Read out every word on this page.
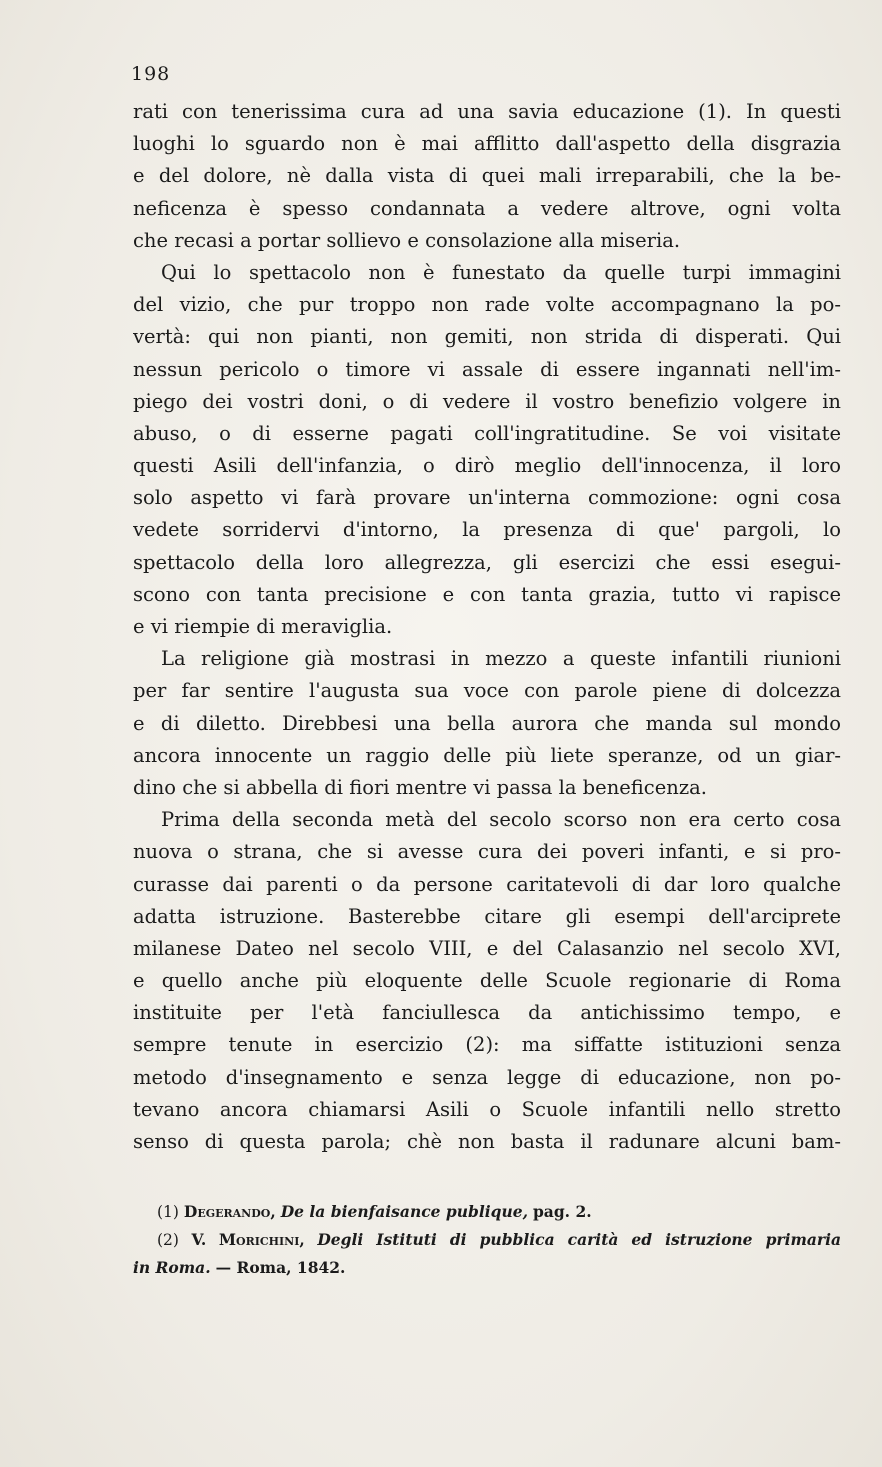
198
rati con tenerissima cura ad una savia educazione (1). In questi
luoghi lo sguardo non è mai afflitto dall'aspetto della disgrazia
e del dolore, nè dalla vista di quei mali irreparabili, che la be-
neficenza è spesso condannata a vedere altrove, ogni volta
che recasi a portar sollievo e consolazione alla miseria.
Qui lo spettacolo non è funestato da quelle turpi immagini
del vizio, che pur troppo non rade volte accompagnano la po-
vertà: qui non pianti, non gemiti, non strida di disperati. Qui
nessun pericolo o timore vi assale di essere ingannati nell'im-
piego dei vostri doni, o di vedere il vostro benefizio volgere in
abuso, o di esserne pagati coll'ingratitudine. Se voi visitate
questi Asili dell'infanzia, o dirò meglio dell'innocenza, il loro
solo aspetto vi farà provare un'interna commozione: ogni cosa
vedete sorridervi d'intorno, la presenza di que' pargoli, lo
spettacolo della loro allegrezza, gli esercizi che essi esegui-
scono con tanta precisione e con tanta grazia, tutto vi rapisce
e vi riempie di meraviglia.
La religione già mostrasi in mezzo a queste infantili riunioni
per far sentire l'augusta sua voce con parole piene di dolcezza
e di diletto. Direbbesi una bella aurora che manda sul mondo
ancora innocente un raggio delle più liete speranze, od un giar-
dino che si abbella di fiori mentre vi passa la beneficenza.
Prima della seconda metà del secolo scorso non era certo cosa
nuova o strana, che si avesse cura dei poveri infanti, e si pro-
curasse dai parenti o da persone caritatevoli di dar loro qualche
adatta istruzione. Basterebbe citare gli esempi dell'arciprete
milanese Dateo nel secolo VIII, e del Calasanzio nel secolo XVI,
e quello anche più eloquente delle Scuole regionarie di Roma
instituite per l'età fanciullesca da antichissimo tempo, e
sempre tenute in esercizio (2): ma siffatte istituzioni senza
metodo d'insegnamento e senza legge di educazione, non po-
tevano ancora chiamarsi Asili o Scuole infantili nello stretto
senso di questa parola; chè non basta il radunare alcuni bam-
(1) Degerando, De la bienfaisance publique, pag. 2.
(2) V. Morichini, Degli Istituti di pubblica carità ed istruzione primaria
in Roma. — Roma, 1842.
